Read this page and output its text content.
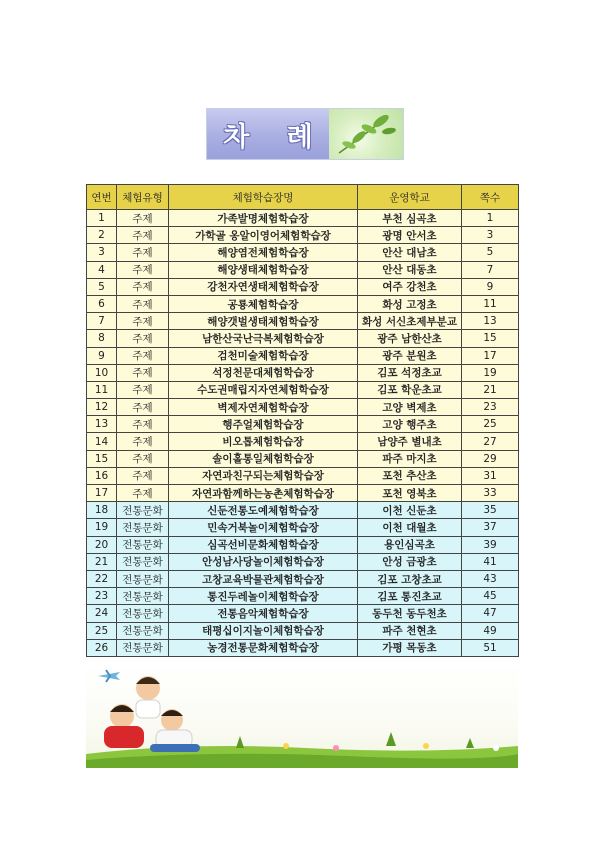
차 례
연번	체험유형	체험학습장명	운영학교	쪽수
1	주제	가족발명체험학습장	부천 심곡초	1
2	주제	가학골 옹알이영어체험학습장	광명 안서초	3
3	주제	해양염전체험학습장	안산 대남초	5
4	주제	해양생태체험학습장	안산 대동초	7
5	주제	강천자연생태체험학습장	여주 강천초	9
6	주제	공룡체험학습장	화성 고정초	11
7	주제	해양갯벌생태체험학습장	화성 서신초제부분교	13
8	주제	남한산국난극복체험학습장	광주 남한산초	15
9	주제	검천미술체험학습장	광주 분원초	17
10	주제	석정천문대체험학습장	김포 석정초교	19
11	주제	수도권매립지자연체험학습장	김포 학운초교	21
12	주제	벽제자연체험학습장	고양 벽제초	23
13	주제	행주얼체험학습장	고양 행주초	25
14	주제	비오톱체험학습장	남양주 별내초	27
15	주제	솔이홀통일체험학습장	파주 마지초	29
16	주제	자연과친구되는체험학습장	포천 추산초	31
17	주제	자연과함께하는농촌체험학습장	포천 영북초	33
18	전통문화	신둔전통도예체험학습장	이천 신둔초	35
19	전통문화	민속거북놀이체험학습장	이천 대월초	37
20	전통문화	심곡선비문화체험학습장	용인심곡초	39
21	전통문화	안성남사당놀이체험학습장	안성 금광초	41
22	전통문화	고창교육박물관체험학습장	김포 고창초교	43
23	전통문화	통진두레놀이체험학습장	김포 통진초교	45
24	전통문화	전통음악체험학습장	동두천 동두천초	47
25	전통문화	태평십이지놀이체험학습장	파주 천현초	49
26	전통문화	농경전통문화체험학습장	가평 목동초	51
